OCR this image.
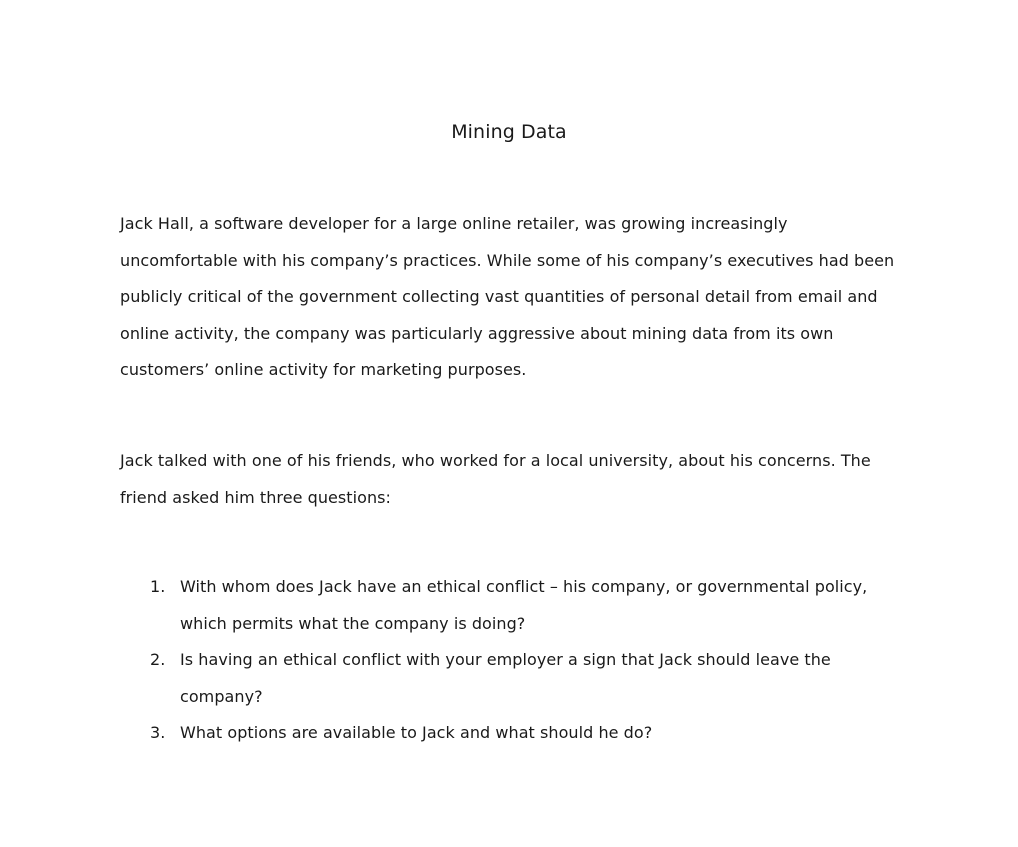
Mining Data

Jack Hall, a software developer for a large online retailer, was growing increasingly
uncomfortable with his company’s practices. While some of his company’s executives had been
publicly critical of the government collecting vast quantities of personal detail from email and
online activity, the company was particularly aggressive about mining data from its own
customers’ online activity for marketing purposes.

Jack talked with one of his friends, who worked for a local university, about his concerns. The
friend asked him three questions:

1. With whom does Jack have an ethical conflict – his company, or governmental policy,
which permits what the company is doing?
2. Is having an ethical conflict with your employer a sign that Jack should leave the
company?
3. What options are available to Jack and what should he do?
